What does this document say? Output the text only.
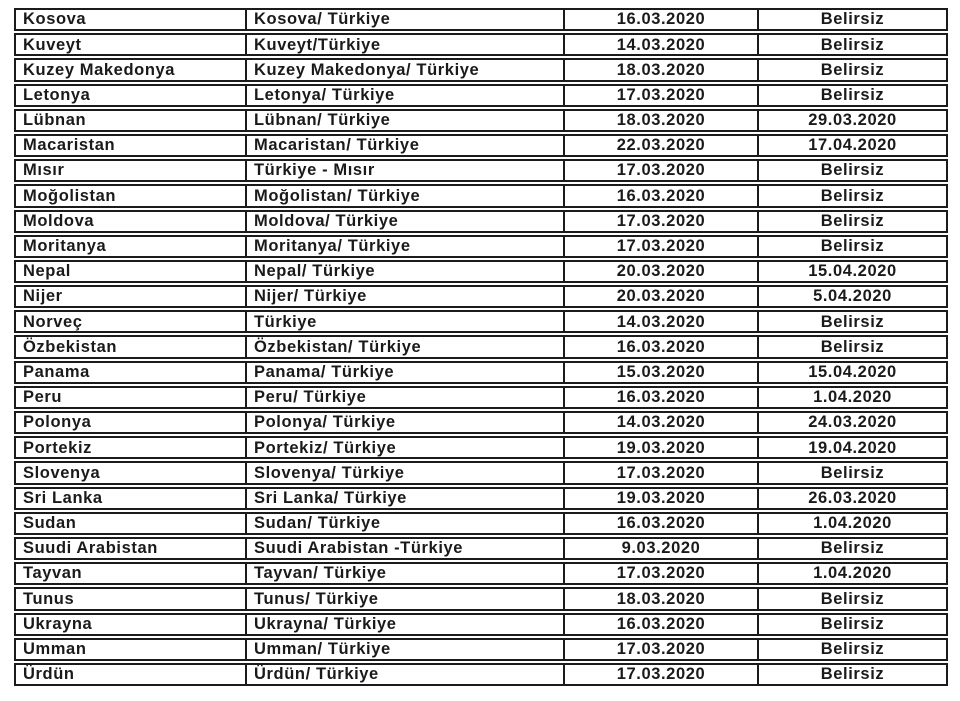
Kosova	Kosova/ Türkiye	16.03.2020	Belirsiz
Kuveyt	Kuveyt/Türkiye	14.03.2020	Belirsiz
Kuzey Makedonya	Kuzey Makedonya/ Türkiye	18.03.2020	Belirsiz
Letonya	Letonya/ Türkiye	17.03.2020	Belirsiz
Lübnan	Lübnan/ Türkiye	18.03.2020	29.03.2020
Macaristan	Macaristan/ Türkiye	22.03.2020	17.04.2020
Mısır	Türkiye - Mısır	17.03.2020	Belirsiz
Moğolistan	Moğolistan/ Türkiye	16.03.2020	Belirsiz
Moldova	Moldova/ Türkiye	17.03.2020	Belirsiz
Moritanya	Moritanya/ Türkiye	17.03.2020	Belirsiz
Nepal	Nepal/ Türkiye	20.03.2020	15.04.2020
Nijer	Nijer/ Türkiye	20.03.2020	5.04.2020
Norveç	Türkiye	14.03.2020	Belirsiz
Özbekistan	Özbekistan/ Türkiye	16.03.2020	Belirsiz
Panama	Panama/ Türkiye	15.03.2020	15.04.2020
Peru	Peru/ Türkiye	16.03.2020	1.04.2020
Polonya	Polonya/ Türkiye	14.03.2020	24.03.2020
Portekiz	Portekiz/ Türkiye	19.03.2020	19.04.2020
Slovenya	Slovenya/ Türkiye	17.03.2020	Belirsiz
Sri Lanka	Sri Lanka/ Türkiye	19.03.2020	26.03.2020
Sudan	Sudan/ Türkiye	16.03.2020	1.04.2020
Suudi Arabistan	Suudi Arabistan -Türkiye	9.03.2020	Belirsiz
Tayvan	Tayvan/ Türkiye	17.03.2020	1.04.2020
Tunus	Tunus/ Türkiye	18.03.2020	Belirsiz
Ukrayna	Ukrayna/ Türkiye	16.03.2020	Belirsiz
Umman	Umman/ Türkiye	17.03.2020	Belirsiz
Ürdün	Ürdün/ Türkiye	17.03.2020	Belirsiz
